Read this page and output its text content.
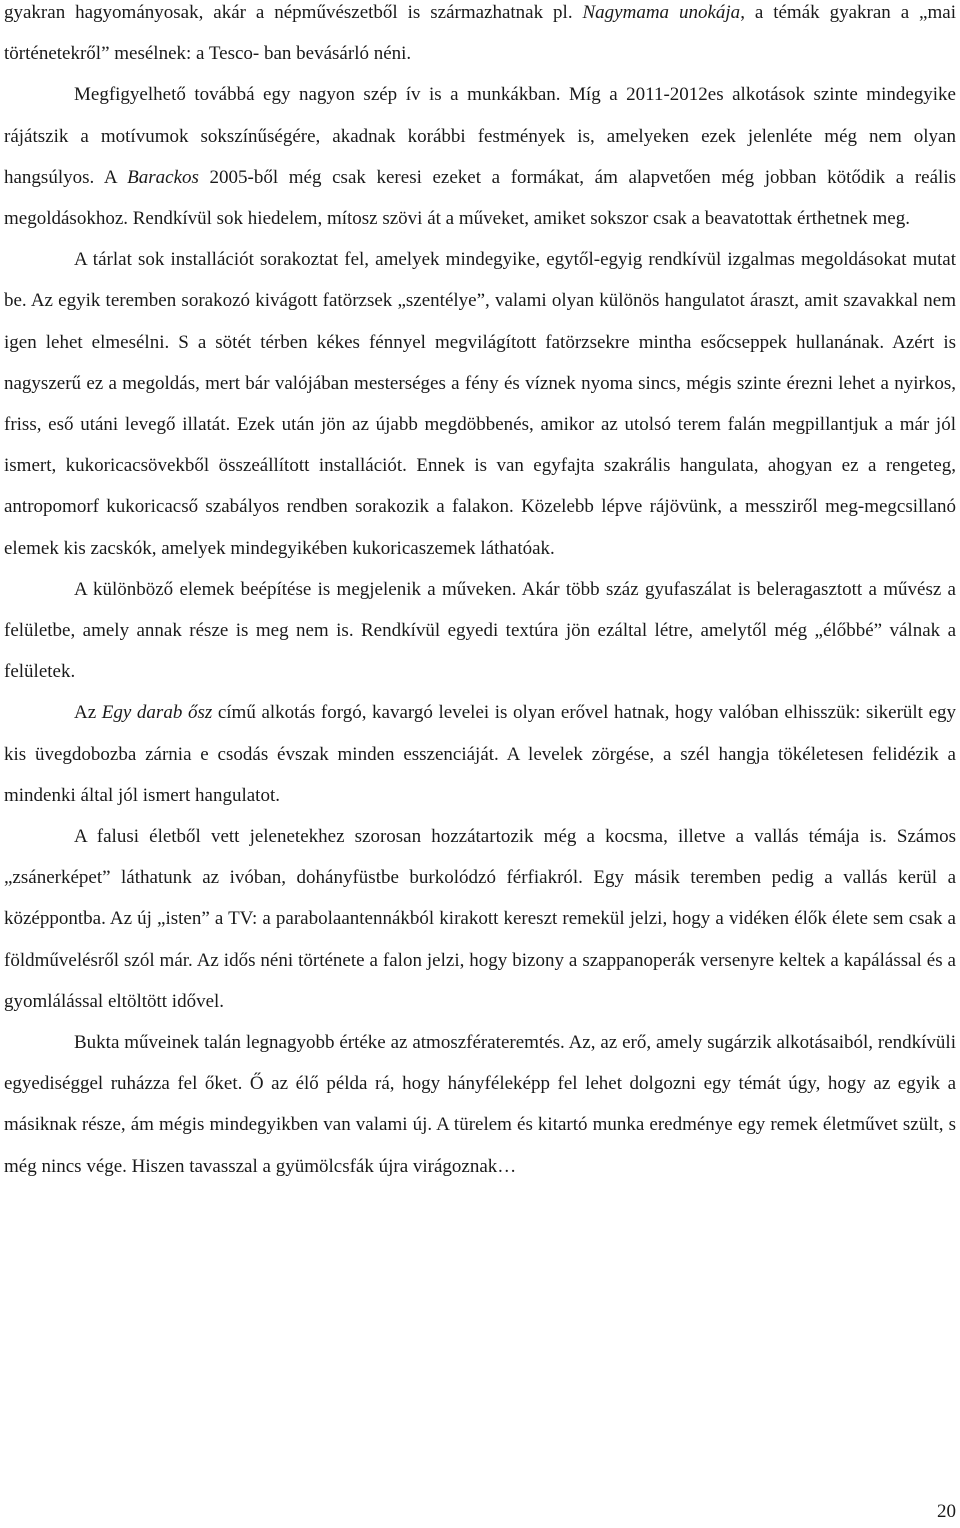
gyakran hagyományosak, akár a népművészetből is származhatnak pl. Nagymama unokája, a témák gyakran a „mai történetekről” mesélnek: a Tesco- ban bevásárló néni.

Megfigyelhető továbbá egy nagyon szép ív is a munkákban. Míg a 2011-2012es alkotások szinte mindegyike rájátszik a motívumok sokszínűségére, akadnak korábbi festmények is, amelyeken ezek jelenléte még nem olyan hangsúlyos. A Barackos 2005-ből még csak keresi ezeket a formákat, ám alapvetően még jobban kötődik a reális megoldásokhoz. Rendkívül sok hiedelem, mítosz szövi át a műveket, amiket sokszor csak a beavatottak érthetnek meg.

A tárlat sok installációt sorakoztat fel, amelyek mindegyike, egytől-egyig rendkívül izgalmas megoldásokat mutat be. Az egyik teremben sorakozó kivágott fatörzsek „szentélye”, valami olyan különös hangulatot áraszt, amit szavakkal nem igen lehet elmesélni. S a sötét térben kékes fénnyel megvilágított fatörzsekre mintha esőcseppek hullanának. Azért is nagyszerű ez a megoldás, mert bár valójában mesterséges a fény és víznek nyoma sincs, mégis szinte érezni lehet a nyirkos, friss, eső utáni levegő illatát. Ezek után jön az újabb megdöbbenés, amikor az utolsó terem falán megpillantjuk a már jól ismert, kukoricacsövekből összeállított installációt. Ennek is van egyfajta szakrális hangulata, ahogyan ez a rengeteg, antropomorf kukoricacső szabályos rendben sorakozik a falakon. Közelebb lépve rájövünk, a messziről meg-megcsillanó elemek kis zacskók, amelyek mindegyikében kukoricaszemek láthatóak.

A különböző elemek beépítése is megjelenik a műveken. Akár több száz gyufaszálat is beleragasztott a művész a felületbe, amely annak része is meg nem is. Rendkívül egyedi textúra jön ezáltal létre, amelytől még „élőbbé” válnak a felületek.

Az Egy darab ősz című alkotás forgó, kavargó levelei is olyan erővel hatnak, hogy valóban elhisszük: sikerült egy kis üvegdobozba zárnia e csodás évszak minden esszenciáját. A levelek zörgése, a szél hangja tökéletesen felidézik a mindenki által jól ismert hangulatot.

A falusi életből vett jelenetekhez szorosan hozzátartozik még a kocsma, illetve a vallás témája is. Számos „zsánerképet” láthatunk az ivóban, dohányfüstbe burkolódzó férfiakról. Egy másik teremben pedig a vallás kerül a középpontba. Az új „isten” a TV: a parabolaantennákból kirakott kereszt remekül jelzi, hogy a vidéken élők élete sem csak a földművelésről szól már. Az idős néni története a falon jelzi, hogy bizony a szappanoperák versenyre keltek a kapálással és a gyomlálással eltöltött idővel.

Bukta műveinek talán legnagyobb értéke az atmoszférateremtés. Az, az erő, amely sugárzik alkotásaiból, rendkívüli egyediséggel ruházza fel őket. Ő az élő példa rá, hogy hányféleképp fel lehet dolgozni egy témát úgy, hogy az egyik a másiknak része, ám mégis mindegyikben van valami új. A türelem és kitartó munka eredménye egy remek életművet szült, s még nincs vége. Hiszen tavasszal a gyümölcsfák újra virágoznak…

20
